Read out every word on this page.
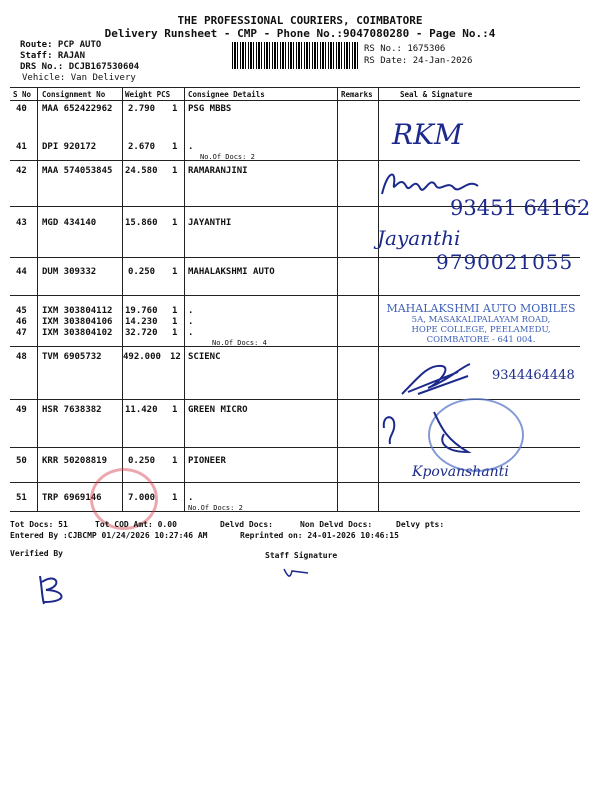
THE PROFESSIONAL COURIERS, COIMBATORE
Delivery Runsheet - CMP - Phone No.:9047080280 - Page No.:4
Route: PCP AUTO
Staff: RAJAN
DRS No.: DCJB167530604
Vehicle: Van Delivery
RS No.: 1675306
RS Date: 24-Jan-2026
S No Consignment No	Weight PCS Consignee Details	Remarks	Seal & Signature
40 MAA 652422962 2.790 1 PSG MBBS
41 DPI 920172	2.670 1 .
No.Of Docs: 2
42 MAA 574053845 24.580 1 RAMARANJINI
43 MGD 434140	15.860 1 JAYANTHI
44 DUM 309332	0.250 1 MAHALAKSHMI AUTO
45 IXM 303804112 19.760 1 .
46 IXM 303804106 14.230 1 .
47 IXM 303804102 32.720 1 .
No.Of Docs: 4
48 TVM 6905732 492.000 12 SCIENC
49 HSR 7638382	11.420 1 GREEN MICRO
50 KRR 50208819 0.250 1 PIONEER
51 TRP 6969146	7.000 1 .
No.Of Docs: 2
RKM
93451 64162
Jayanthi
9790021055
MAHALAKSHMI AUTO MOBILES
5A, MASAKALIPALAYAM ROAD,
HOPE COLLEGE, PEELAMEDU,
COIMBATORE - 641 004.
9344464448
Kpovanshanti
Tot Docs: 51	Tot COD Amt: 0.00	Delvd Docs:	Non Delvd Docs:	Delvy pts:
Entered By :CJBCMP 01/24/2026 10:27:46 AM	Reprinted on: 24-01-2026 10:46:15
Verified By	Staff Signature
